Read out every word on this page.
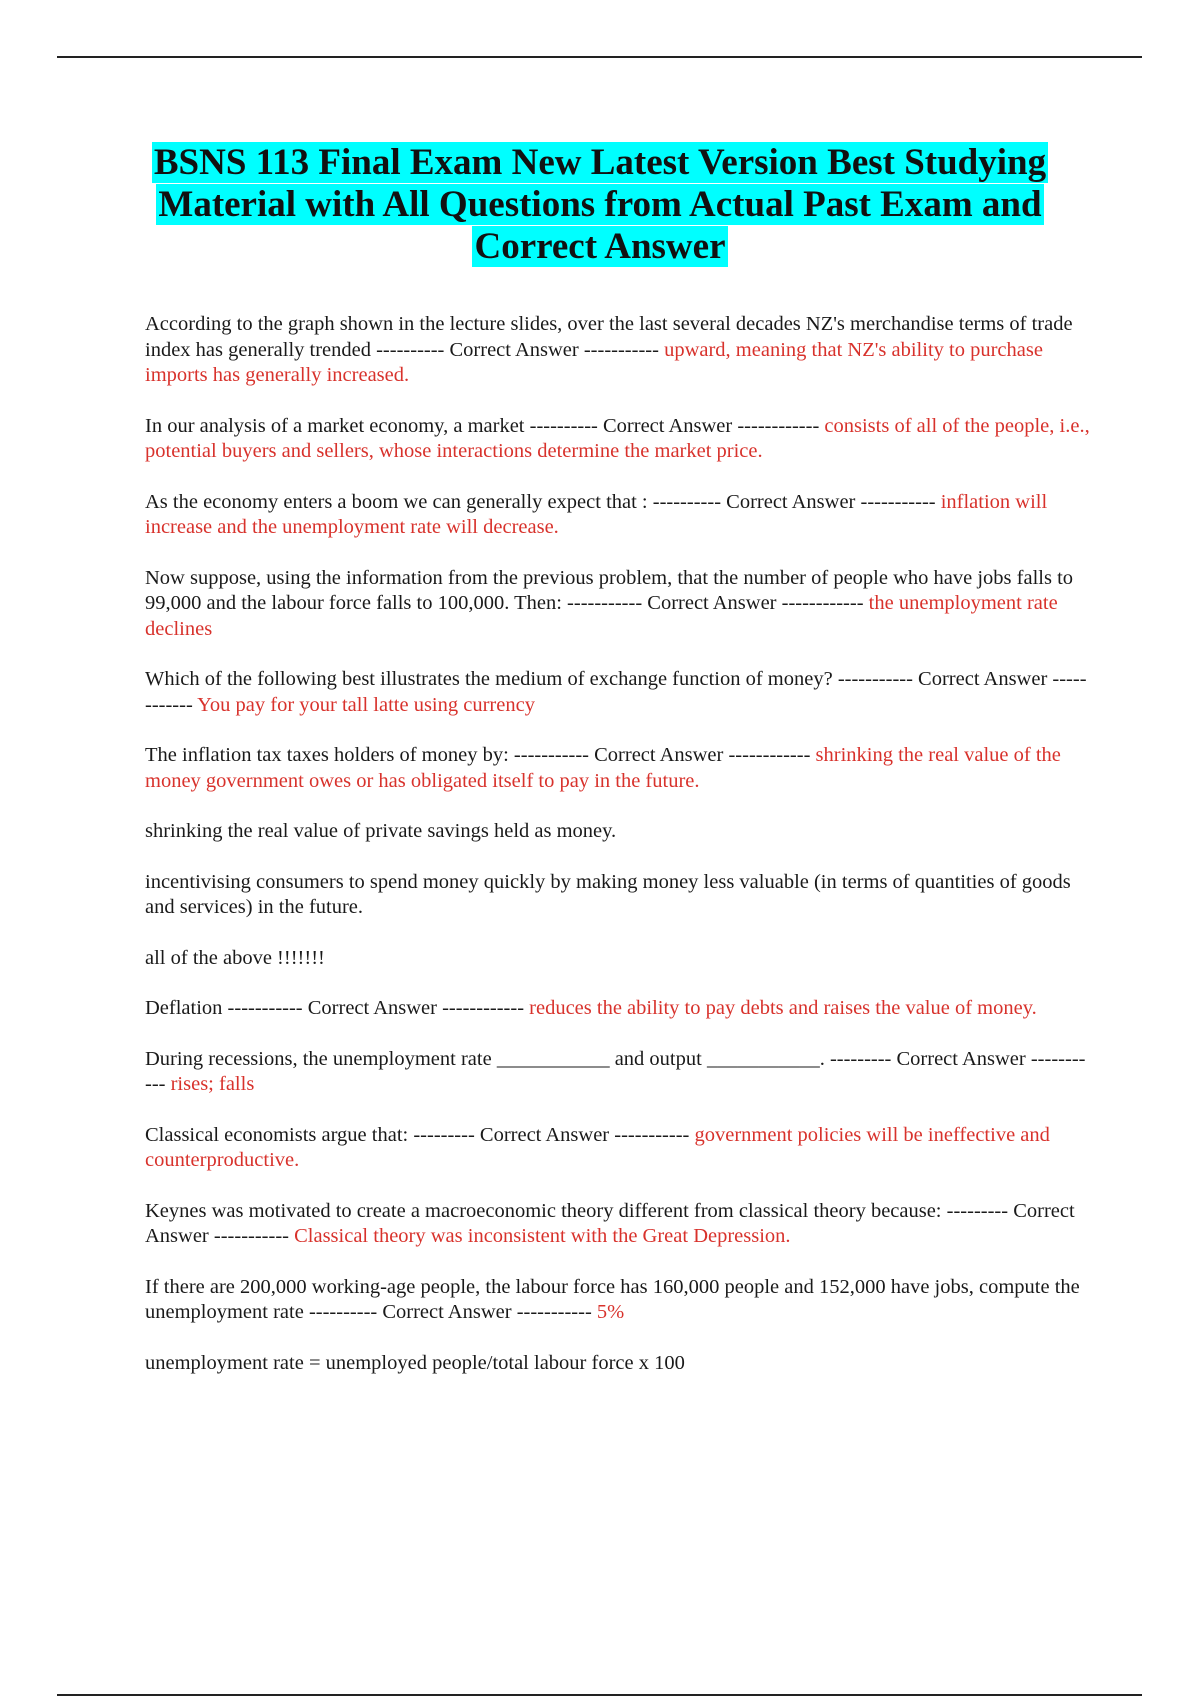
BSNS 113 Final Exam New Latest Version Best Studying Material with All Questions from Actual Past Exam and Correct Answer

According to the graph shown in the lecture slides, over the last several decades NZ's merchandise terms of trade index has generally trended ---------- Correct Answer ----------- upward, meaning that NZ's ability to purchase imports has generally increased.

In our analysis of a market economy, a market ---------- Correct Answer ------------ consists of all of the people, i.e., potential buyers and sellers, whose interactions determine the market price.

As the economy enters a boom we can generally expect that : ---------- Correct Answer ----------- inflation will increase and the unemployment rate will decrease.

Now suppose, using the information from the previous problem, that the number of people who have jobs falls to 99,000 and the labour force falls to 100,000. Then: ----------- Correct Answer ------------ the unemployment rate declines

Which of the following best illustrates the medium of exchange function of money? ----------- Correct Answer ------------ You pay for your tall latte using currency

The inflation tax taxes holders of money by: ----------- Correct Answer ------------ shrinking the real value of the money government owes or has obligated itself to pay in the future.

shrinking the real value of private savings held as money.

incentivising consumers to spend money quickly by making money less valuable (in terms of quantities of goods and services) in the future.

all of the above !!!!!!!

Deflation ----------- Correct Answer ------------ reduces the ability to pay debts and raises the value of money.

During recessions, the unemployment rate ___________ and output ___________. --------- Correct Answer ----------- rises; falls

Classical economists argue that: --------- Correct Answer ----------- government policies will be ineffective and counterproductive.

Keynes was motivated to create a macroeconomic theory different from classical theory because: --------- Correct Answer ----------- Classical theory was inconsistent with the Great Depression.

If there are 200,000 working-age people, the labour force has 160,000 people and 152,000 have jobs, compute the unemployment rate ---------- Correct Answer ----------- 5%

unemployment rate = unemployed people/total labour force x 100
